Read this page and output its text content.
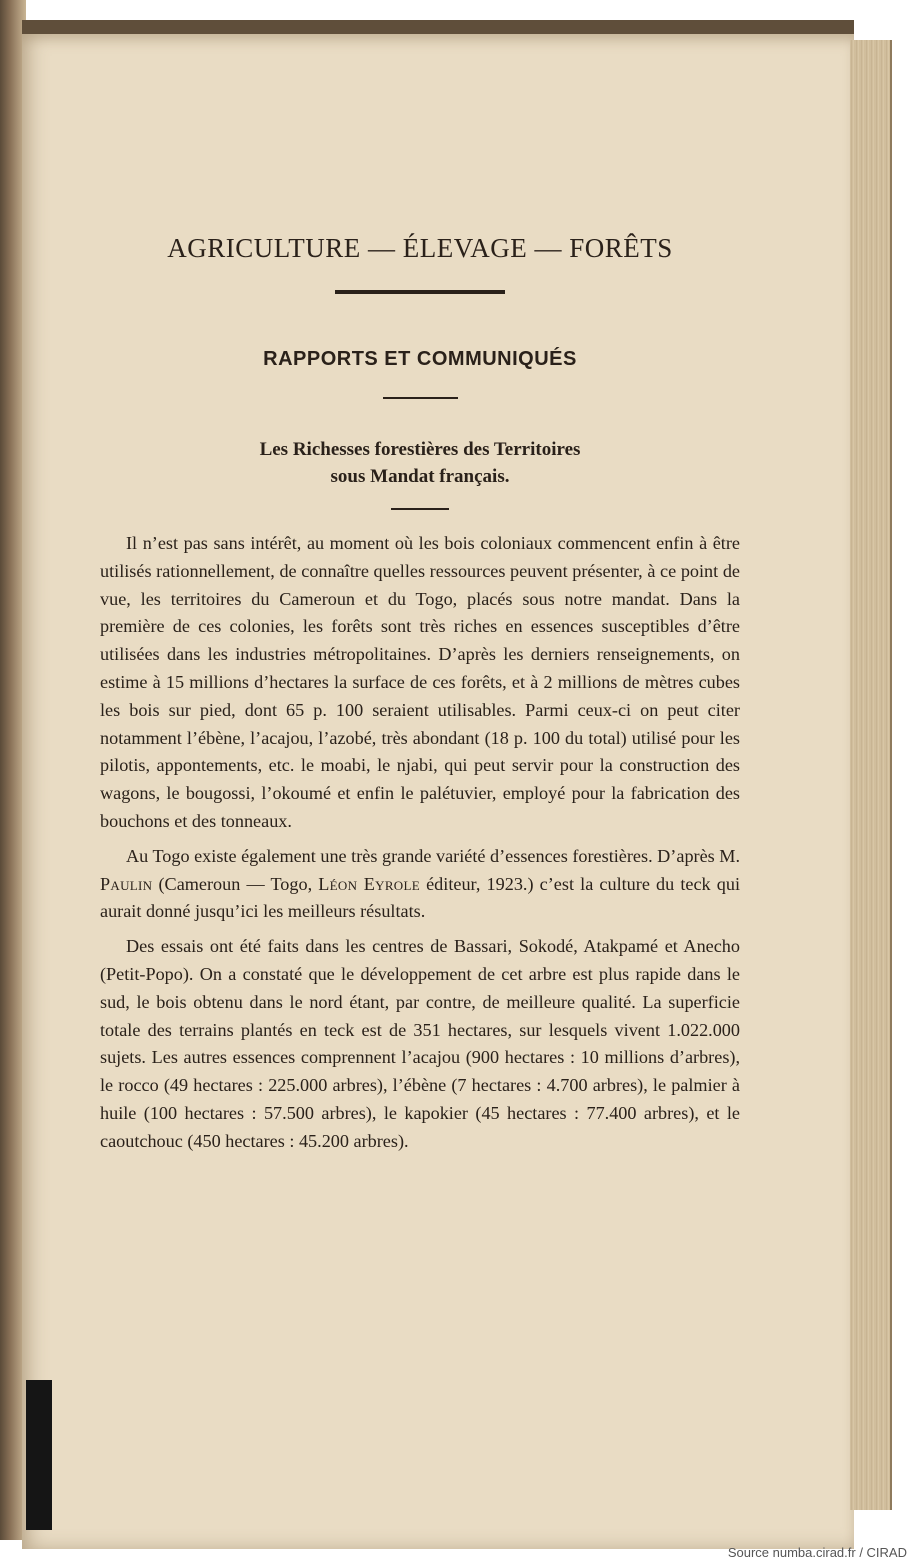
AGRICULTURE — ÉLEVAGE — FORÊTS
RAPPORTS ET COMMUNIQUÉS
Les Richesses forestières des Territoires
sous Mandat français.

Il n’est pas sans intérêt, au moment où les bois coloniaux commencent enfin à être utilisés rationnellement, de connaître quelles ressources peuvent présenter, à ce point de vue, les territoires du Cameroun et du Togo, placés sous notre mandat. Dans la première de ces colonies, les forêts sont très riches en essences susceptibles d’être utilisées dans les industries métropolitaines. D’après les derniers renseignements, on estime à 15 millions d’hectares la surface de ces forêts, et à 2 millions de mètres cubes les bois sur pied, dont 65 p. 100 seraient utilisables. Parmi ceux-ci on peut citer notamment l’ébène, l’acajou, l’azobé, très abondant (18 p. 100 du total) utilisé pour les pilotis, appontements, etc. le moabi, le njabi, qui peut servir pour la construction des wagons, le bougossi, l’okoumé et enfin le palétuvier, employé pour la fabrication des bouchons et des tonneaux.

Au Togo existe également une très grande variété d’essences forestières. D’après M. Paulin (Cameroun — Togo, Léon Eyrole éditeur, 1923.) c’est la culture du teck qui aurait donné jusqu’ici les meilleurs résultats.

Des essais ont été faits dans les centres de Bassari, Sokodé, Atakpamé et Anecho (Petit-Popo). On a constaté que le développement de cet arbre est plus rapide dans le sud, le bois obtenu dans le nord étant, par contre, de meilleure qualité. La superficie totale des terrains plantés en teck est de 351 hectares, sur lesquels vivent 1.022.000 sujets. Les autres essences comprennent l’acajou (900 hectares : 10 millions d’arbres), le rocco (49 hectares : 225.000 arbres), l’ébène (7 hectares : 4.700 arbres), le palmier à huile (100 hectares : 57.500 arbres), le kapokier (45 hectares : 77.400 arbres), et le caoutchouc (450 hectares : 45.200 arbres).

Source numba.cirad.fr / CIRAD
